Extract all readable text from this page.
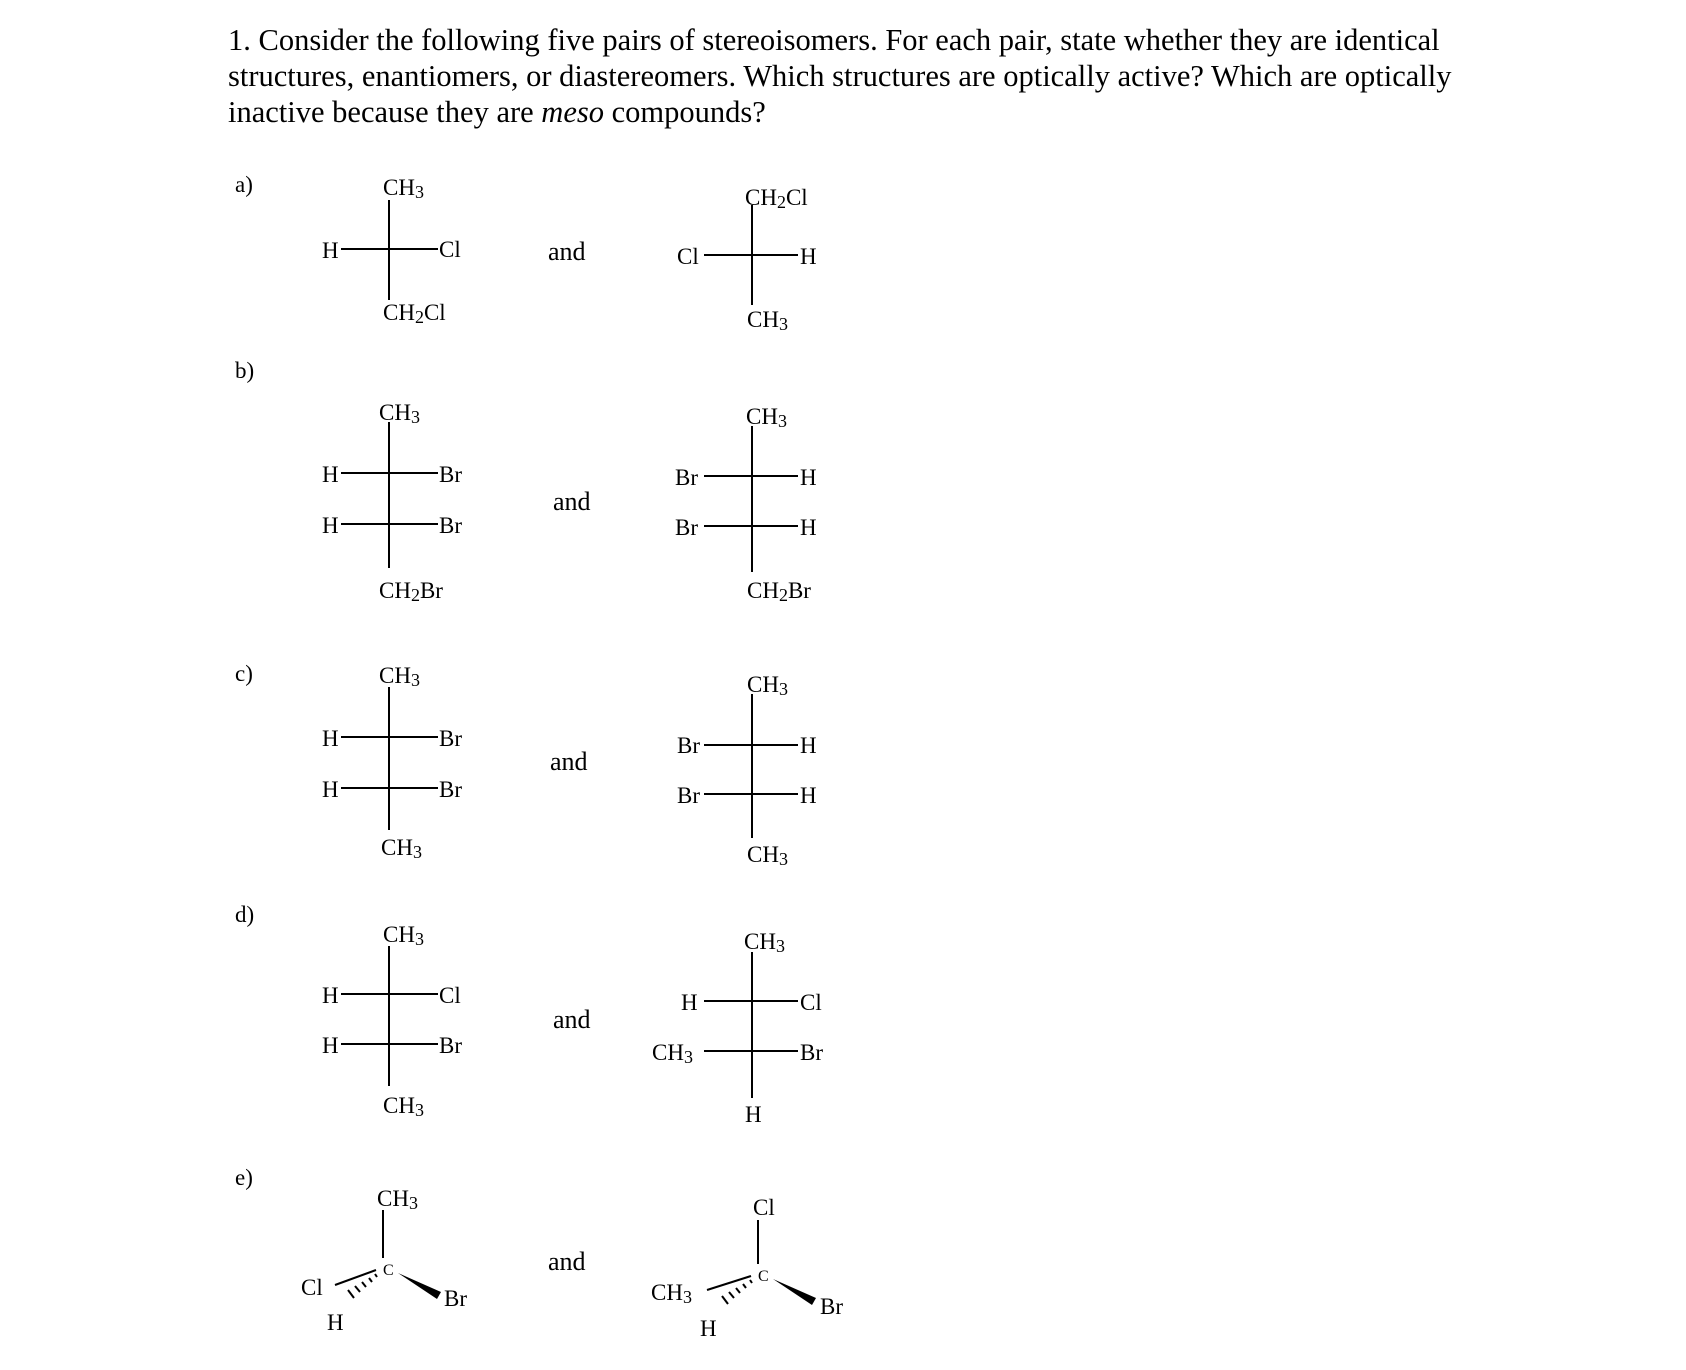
1. Consider the following five pairs of stereoisomers. For each pair, state whether they are identical structures, enantiomers, or diastereomers. Which structures are optically active? Which are optically inactive because they are meso compounds?
a)	CH3
CH2Cl
H	Cl	and
CH2Cl
CH3
Cl	H
b)
CH3
CH2Br
H	Br
H	Br
and
CH3
CH2Br
Br	H
Br	H
c)	CH3
CH3
H	Br
H	Br
and
CH3
CH3
Br	H
Br	H
d)
CH3
CH3
H	Cl
H	Br
and
CH3
H
H	Cl
CH3	Br
e)
CH3
C
Cl
H
Br
and
Cl
C
CH3
H
Br
